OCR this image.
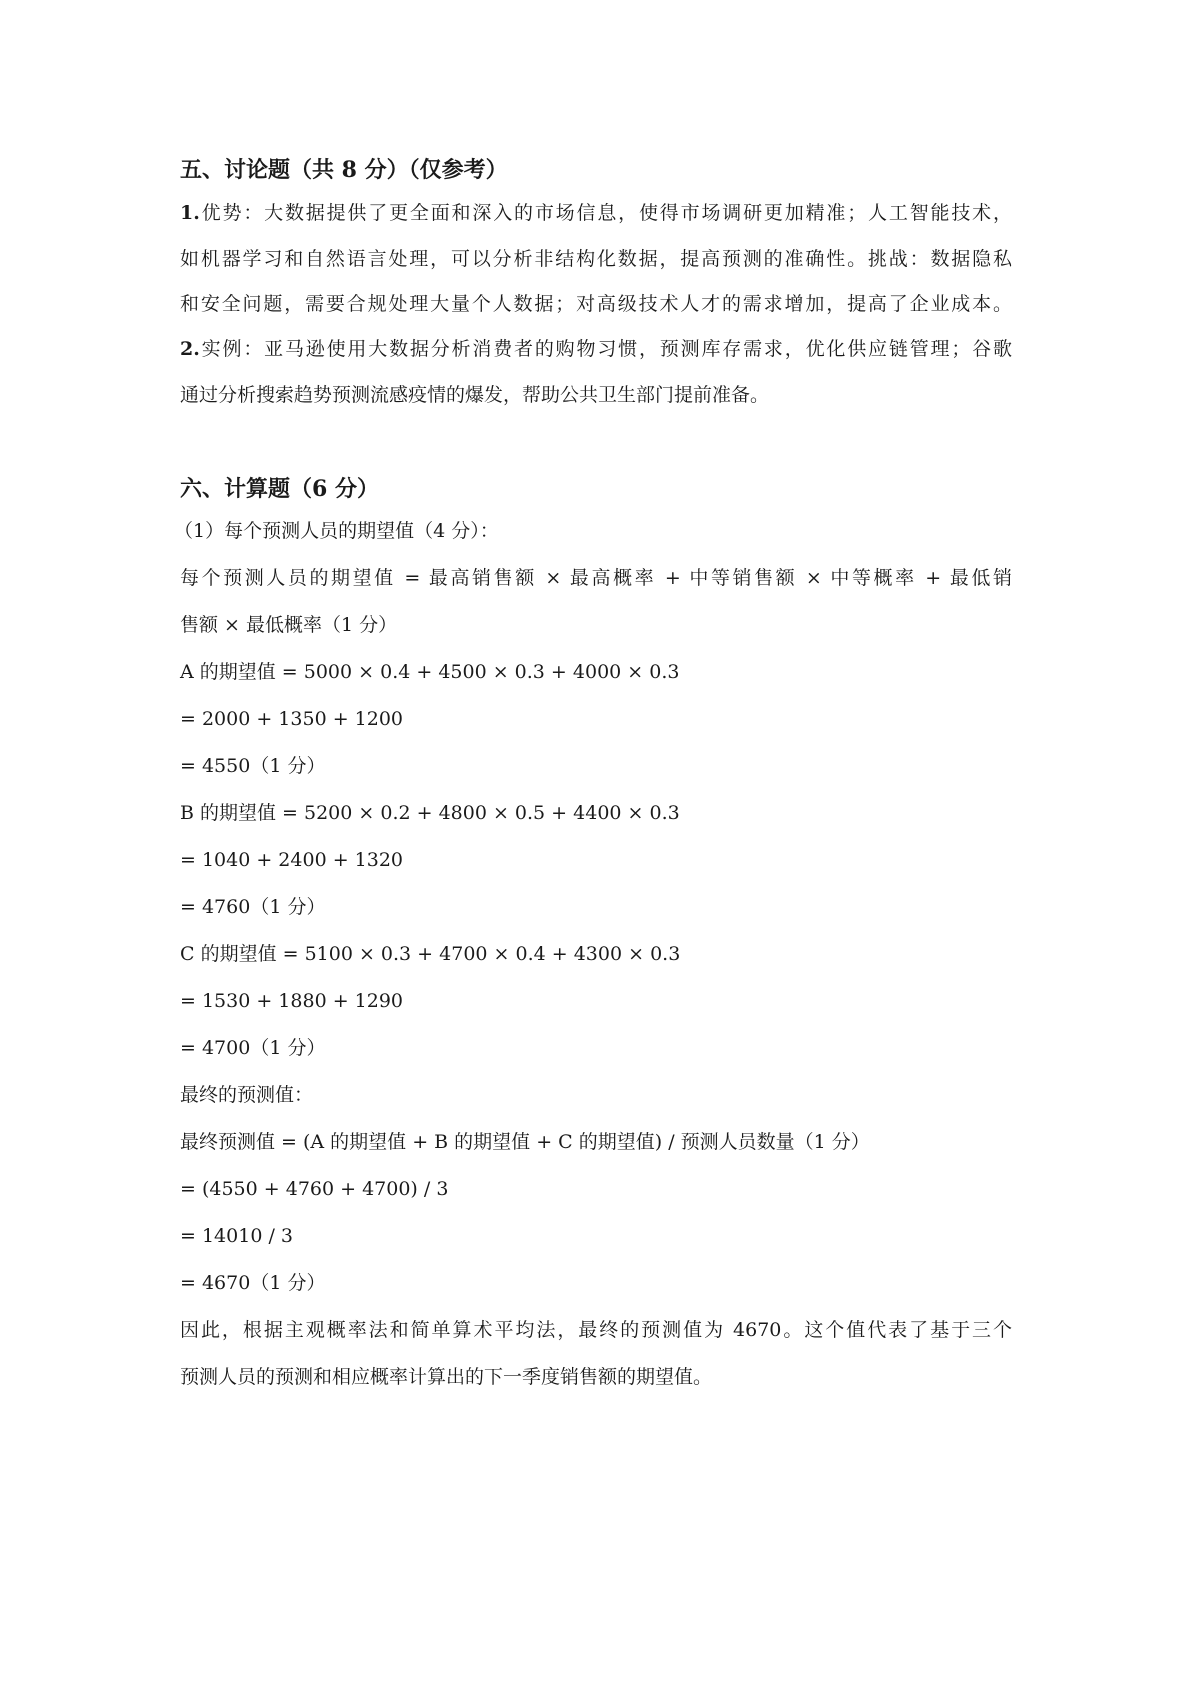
五、讨论题（共 8 分）（仅参考）
1.优势：大数据提供了更全面和深入的市场信息，使得市场调研更加精准；人工智能技术，
如机器学习和自然语言处理，可以分析非结构化数据，提高预测的准确性。挑战：数据隐私
和安全问题，需要合规处理大量个人数据；对高级技术人才的需求增加，提高了企业成本。
2.实例：亚马逊使用大数据分析消费者的购物习惯，预测库存需求，优化供应链管理；谷歌
通过分析搜索趋势预测流感疫情的爆发，帮助公共卫生部门提前准备。
六、计算题（6 分）
（1）每个预测人员的期望值（4 分）：
每个预测人员的期望值 = 最高销售额 × 最高概率 + 中等销售额 × 中等概率 + 最低销
售额 × 最低概率（1 分）
A 的期望值 = 5000 × 0.4 + 4500 × 0.3 + 4000 × 0.3
= 2000 + 1350 + 1200
= 4550（1 分）
B 的期望值 = 5200 × 0.2 + 4800 × 0.5 + 4400 × 0.3
= 1040 + 2400 + 1320
= 4760（1 分）
C 的期望值 = 5100 × 0.3 + 4700 × 0.4 + 4300 × 0.3
= 1530 + 1880 + 1290
= 4700（1 分）
最终的预测值：
最终预测值 = (A 的期望值 + B 的期望值 + C 的期望值) / 预测人员数量（1 分）
= (4550 + 4760 + 4700) / 3
= 14010 / 3
= 4670（1 分）
因此，根据主观概率法和简单算术平均法，最终的预测值为 4670。这个值代表了基于三个
预测人员的预测和相应概率计算出的下一季度销售额的期望值。
